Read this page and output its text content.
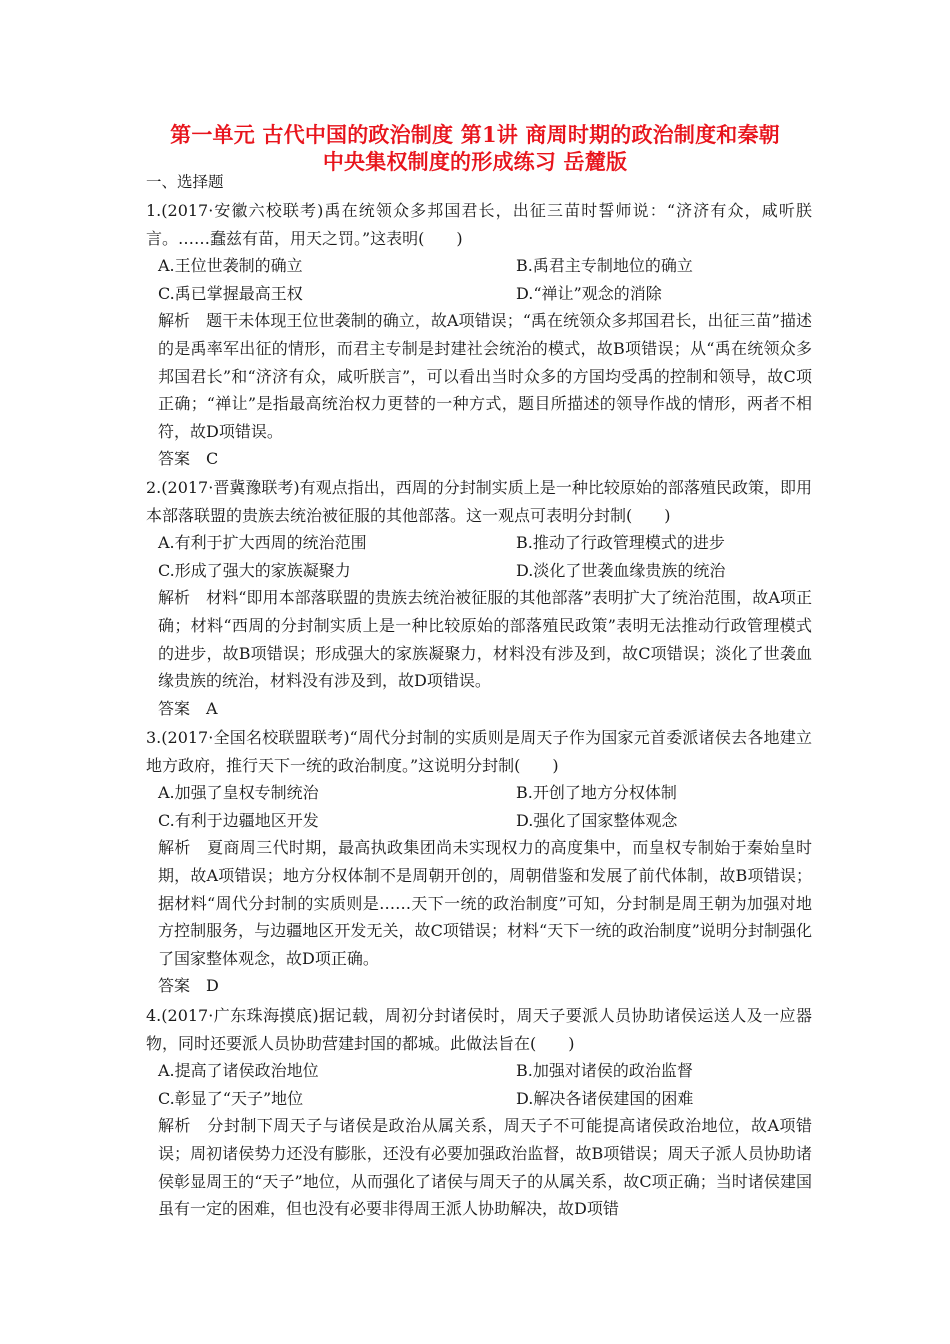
第一单元 古代中国的政治制度 第1讲 商周时期的政治制度和秦朝
中央集权制度的形成练习 岳麓版
一、选择题

1.(2017·安徽六校联考)禹在统领众多邦国君长，出征三苗时誓师说：“济济有众，咸听朕言。……蠢兹有苗，用天之罚。”这表明(　　)

A.王位世袭制的确立	B.禹君主专制地位的确立
C.禹已掌握最高王权	D.“禅让”观念的消除

解析　题干未体现王位世袭制的确立，故A项错误；“禹在统领众多邦国君长，出征三苗”描述的是禹率军出征的情形，而君主专制是封建社会统治的模式，故B项错误；从“禹在统领众多邦国君长”和“济济有众，咸听朕言”，可以看出当时众多的方国均受禹的控制和领导，故C项正确；“禅让”是指最高统治权力更替的一种方式，题目所描述的领导作战的情形，两者不相符，故D项错误。

答案　C

2.(2017·晋冀豫联考)有观点指出，西周的分封制实质上是一种比较原始的部落殖民政策，即用本部落联盟的贵族去统治被征服的其他部落。这一观点可表明分封制(　　)

A.有利于扩大西周的统治范围	B.推动了行政管理模式的进步
C.形成了强大的家族凝聚力	D.淡化了世袭血缘贵族的统治

解析　材料“即用本部落联盟的贵族去统治被征服的其他部落”表明扩大了统治范围，故A项正确；材料“西周的分封制实质上是一种比较原始的部落殖民政策”表明无法推动行政管理模式的进步，故B项错误；形成强大的家族凝聚力，材料没有涉及到，故C项错误；淡化了世袭血缘贵族的统治，材料没有涉及到，故D项错误。

答案　A

3.(2017·全国名校联盟联考)“周代分封制的实质则是周天子作为国家元首委派诸侯去各地建立地方政府，推行天下一统的政治制度。”这说明分封制(　　)

A.加强了皇权专制统治	B.开创了地方分权体制
C.有利于边疆地区开发	D.强化了国家整体观念

解析　夏商周三代时期，最高执政集团尚未实现权力的高度集中，而皇权专制始于秦始皇时期，故A项错误；地方分权体制不是周朝开创的，周朝借鉴和发展了前代体制，故B项错误；据材料“周代分封制的实质则是……天下一统的政治制度”可知，分封制是周王朝为加强对地方控制服务，与边疆地区开发无关，故C项错误；材料“天下一统的政治制度”说明分封制强化了国家整体观念，故D项正确。

答案　D

4.(2017·广东珠海摸底)据记载，周初分封诸侯时，周天子要派人员协助诸侯运送人及一应器物，同时还要派人员协助营建封国的都城。此做法旨在(　　)

A.提高了诸侯政治地位	B.加强对诸侯的政治监督
C.彰显了“天子”地位	D.解决各诸侯建国的困难

解析　分封制下周天子与诸侯是政治从属关系，周天子不可能提高诸侯政治地位，故A项错误；周初诸侯势力还没有膨胀，还没有必要加强政治监督，故B项错误；周天子派人员协助诸侯彰显周王的“天子”地位，从而强化了诸侯与周天子的从属关系，故C项正确；当时诸侯建国虽有一定的困难，但也没有必要非得周王派人协助解决，故D项错
